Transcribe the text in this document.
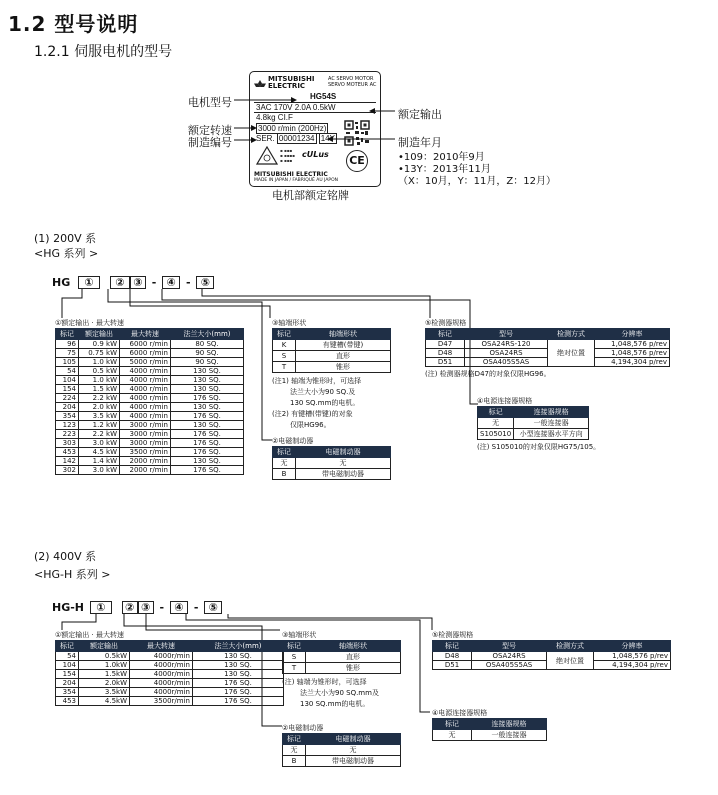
1.2 型号说明
1.2.1 伺服电机的型号
MITSUBISHI ELECTRIC
AC SERVO MOTOR
SERVO MOTEUR AC
HG54S
3AC 170V 2.0A 0.5kW
4.8kg CI.F
3000 r/min (200Hz)
SER. 00001234 14Y
▪ ▪▪▪
▪ ▪▪▪▪
▪ ▪▪▪
cULus CE
MITSUBISHI ELECTRIC
MADE IN JAPAN / FABRIQUÉ AU JAPON
电机部额定铭牌
电机型号
额定转速
制造编号
额定输出
制造年月
•109：2010年9月
•13Y：2013年11月
（X：10月，Y：11月，Z：12月）
(1) 200V 系
<HG 系列 >
HG ① ② ③ - ④ - ⑤
①额定输出 · 最大转速
标记	额定输出	最大转速	法兰大小(mm)
96	0.9 kW	6000 r/min	80 SQ.
75	0.75 kW	6000 r/min	90 SQ.
105	1.0 kW	5000 r/min	90 SQ.
54	0.5 kW	4000 r/min	130 SQ.
104	1.0 kW	4000 r/min	130 SQ.
154	1.5 kW	4000 r/min	130 SQ.
224	2.2 kW	4000 r/min	176 SQ.
204	2.0 kW	4000 r/min	130 SQ.
354	3.5 kW	4000 r/min	176 SQ.
123	1.2 kW	3000 r/min	130 SQ.
223	2.2 kW	3000 r/min	176 SQ.
303	3.0 kW	3000 r/min	176 SQ.
453	4.5 kW	3500 r/min	176 SQ.
142	1.4 kW	2000 r/min	130 SQ.
302	3.0 kW	2000 r/min	176 SQ.
③轴端形状
标记	轴端形状
K	有键槽(带键)
S	直形
T	锥形
(注1) 轴端为锥形时，可选择
法兰大小为90 SQ.及
130 SQ.mm的电机。
(注2) 有键槽(带键)的对象
仅限HG96。
②电磁制动器
标记	电磁制动器
无	无
B	带电磁制动器
⑤检测器规格
标记	型号	检测方式	分辨率
D47	OSA24RS-120	绝对位置	1,048,576 p/rev
D48	OSA24RS		1,048,576 p/rev
D51	OSA405S5AS		4,194,304 p/rev
(注) 检测器规格D47的对象仅限HG96。
④电源连接器规格
标记	连接器规格
无	一般连接器
S105010	小型连接器水平方向
(注) S105010的对象仅限HG75/105。
(2) 400V 系
<HG-H 系列 >
HG-H ① ② ③ - ④ - ⑤
①额定输出 · 最大转速
标记	额定输出	最大转速	法兰大小(mm)
54	0.5kW	4000r/min	130 SQ.
104	1.0kW	4000r/min	130 SQ.
154	1.5kW	4000r/min	130 SQ.
204	2.0kW	4000r/min	176 SQ.
354	3.5kW	4000r/min	176 SQ.
453	4.5kW	3500r/min	176 SQ.
③轴端形状
标记	轴端形状
S	直形
T	锥形
(注) 轴端为锥形时，可选择
法兰大小为90 SQ.mm及
130 SQ.mm的电机。
②电磁制动器
标记	电磁制动器
无	无
B	带电磁制动器
⑤检测器规格
标记	型号	检测方式	分辨率
D48	OSA24RS	绝对位置	1,048,576 p/rev
D51	OSA405S5AS		4,194,304 p/rev
④电源连接器规格
标记	连接器规格
无	一般连接器
